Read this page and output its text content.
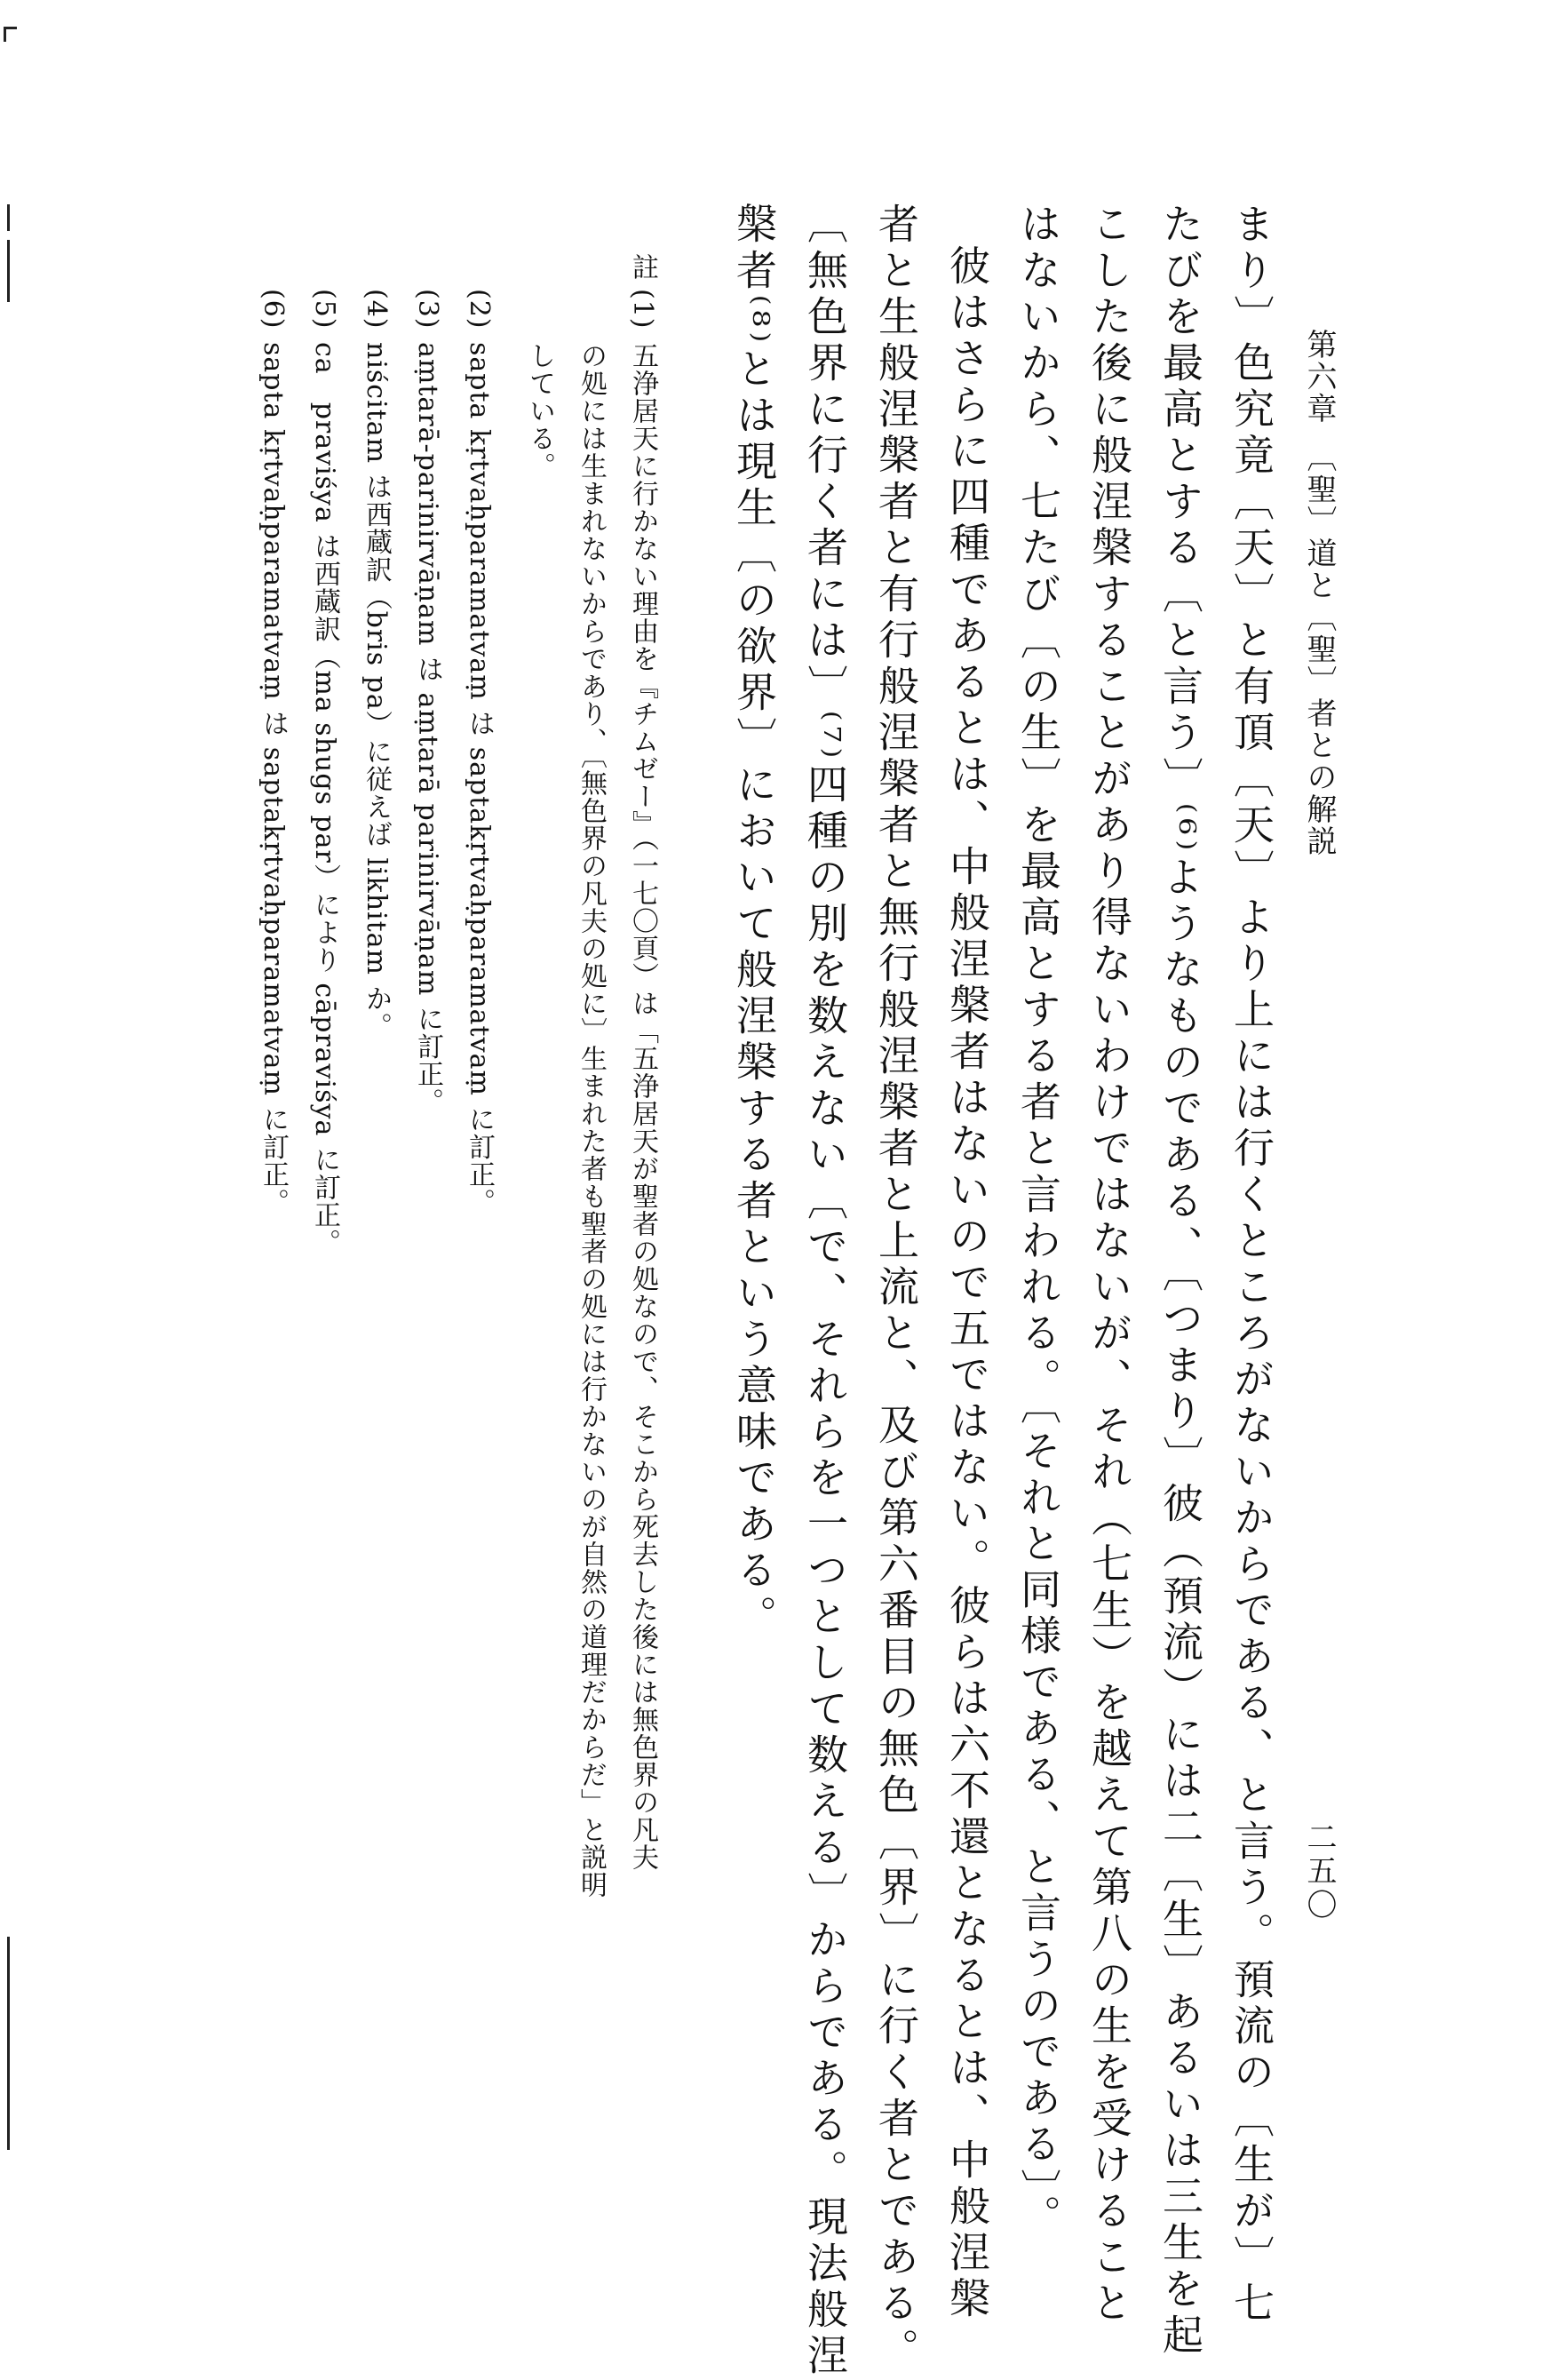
第六章　〔聖〕道と〔聖〕者との解説
二五〇
まり〕色究竟〔天〕と有頂〔天〕より上には行くところがないからである、と言う。預流の〔生が〕七
たびを最高とする〔と言う〕⁽⁶⁾ようなものである、〔つまり〕彼（預流）には二〔生〕あるいは三生を起
こした後に般涅槃することがあり得ないわけではないが、それ（七生）を越えて第八の生を受けること
はないから、七たび〔の生〕を最高とする者と言われる。〔それと同様である、と言うのである〕。
彼はさらに四種であるとは、中般涅槃者はないので五ではない。彼らは六不還となるとは、中般涅槃
者と生般涅槃者と有行般涅槃者と無行般涅槃者と上流と、及び第六番目の無色〔界〕に行く者とである。
〔無色界に行く者には〕⁽⁷⁾四種の別を数えない〔で、それらを一つとして数える〕からである。現法般涅
槃者⁽⁸⁾とは現生〔の欲界〕において般涅槃する者という意味である。
註
(1)
五浄居天に行かない理由を『チムゼー』（一七〇頁）は「五浄居天が聖者の処なので、そこから死去した後には無色界の凡夫
の処には生まれないからであり、〔無色界の凡夫の処に〕生まれた者も聖者の処には行かないのが自然の道理だからだ」と説明
している。
(2)
sapta kṛtvaḥparamatvaṃ は saptakṛtvaḥparamatvaṃ に訂正。
(3)
aṃtarā-parinirvāṇam は aṃtarā parinirvāṇam に訂正。
(4)
niścitam は西蔵訳（bris pa）に従えば likhitam か。
(5)
ca　praviśya は西蔵訳（ma shugs par）により cāpraviśya に訂正。
(6)
sapta kṛtvaḥparamatvaṃ は saptakṛtvaḥparamatvaṃ に訂正。
